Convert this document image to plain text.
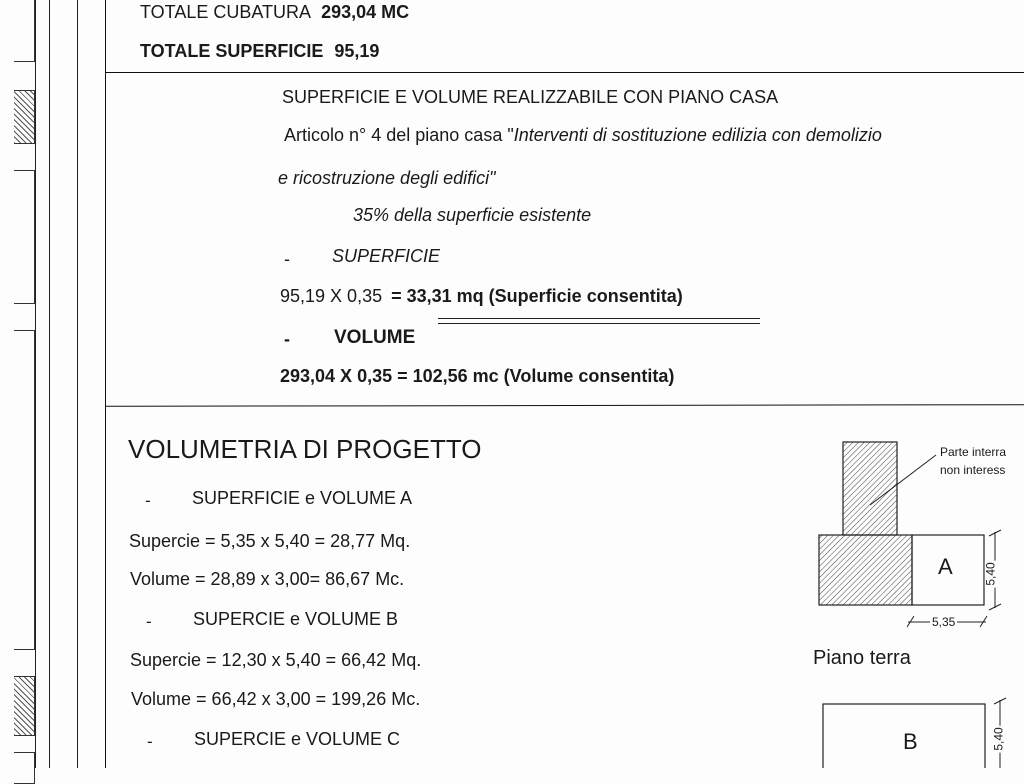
TOTALE CUBATURA 293,04 MC
TOTALE SUPERFICIE 95,19
SUPERFICIE E VOLUME REALIZZABILE CON PIANO CASA
Articolo n° 4 del piano casa "Interventi di sostituzione edilizia con demolizio
e ricostruzione degli edifici"
35% della superficie esistente
- SUPERFICIE
95,19 X 0,35 = 33,31 mq (Superficie consentita)
- VOLUME
293,04 X 0,35 = 102,56 mc (Volume consentita)
VOLUMETRIA DI PROGETTO
- SUPERFICIE e VOLUME A
Supercie = 5,35 x 5,40 = 28,77 Mq.
Volume = 28,89 x 3,00= 86,67 Mc.
- SUPERCIE e VOLUME B
Supercie = 12,30 x 5,40 = 66,42 Mq.
Volume = 66,42 x 3,00 = 199,26 Mc.
- SUPERCIE e VOLUME C
Parte interra
non interess
A	5,40
5,35
Piano terra
B	5,40
